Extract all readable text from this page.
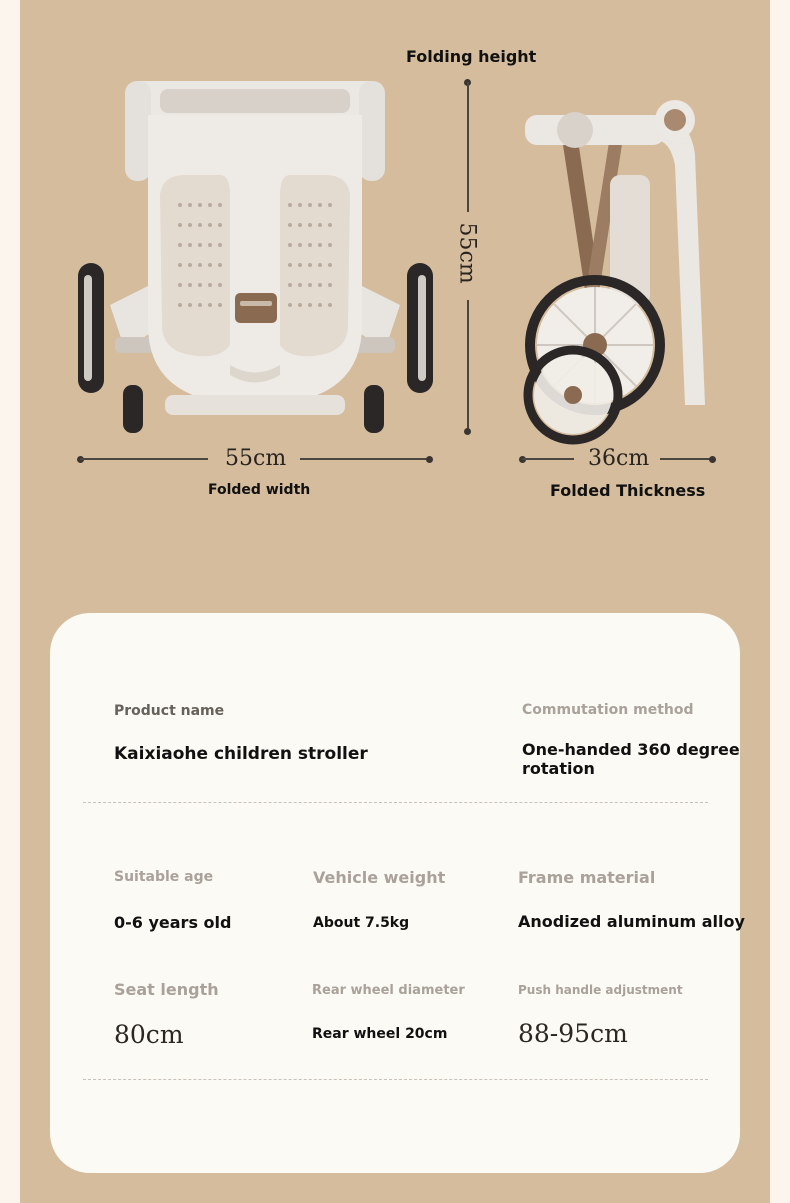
Folding height
55cm
55cm
Folded width
36cm
Folded Thickness
Product name
Kaixiaohe children stroller
Commutation method
One-handed 360 degree
rotation
Suitable age
0-6 years old
Vehicle weight
About 7.5kg
Frame material
Anodized aluminum alloy
Seat length
80cm
Rear wheel diameter
Rear wheel 20cm
Push handle adjustment
88-95cm
